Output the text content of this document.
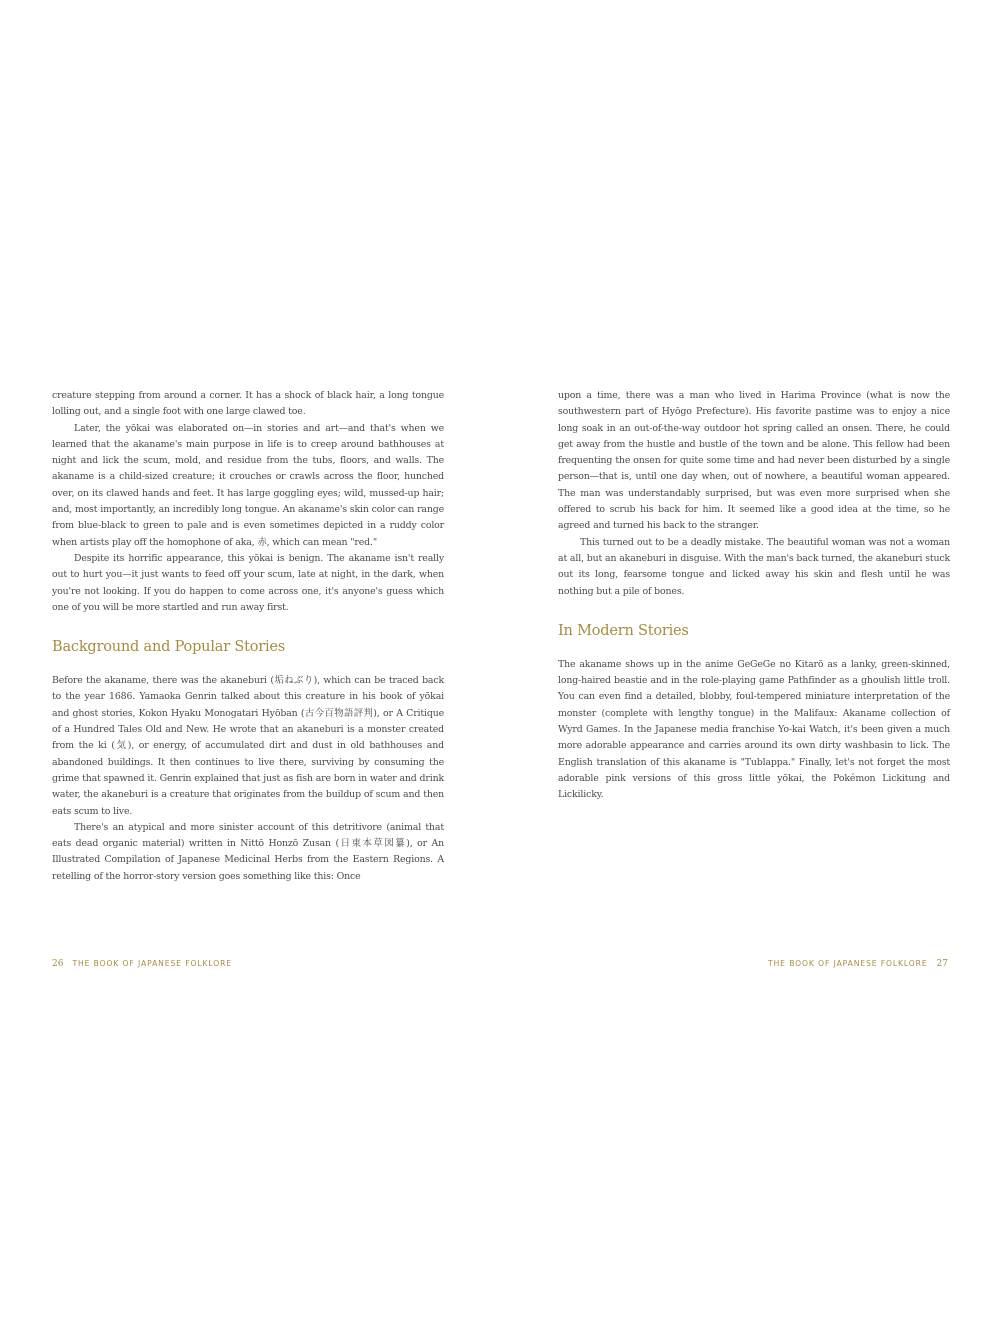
creature stepping from around a corner. It has a shock of black hair, a long tongue lolling out, and a single foot with one large clawed toe.

Later, the yōkai was elaborated on—in stories and art—and that's when we learned that the akaname's main purpose in life is to creep around bathhouses at night and lick the scum, mold, and residue from the tubs, floors, and walls. The akaname is a child-sized creature; it crouches or crawls across the floor, hunched over, on its clawed hands and feet. It has large goggling eyes; wild, mussed-up hair; and, most importantly, an incredibly long tongue. An akaname's skin color can range from blue-black to green to pale and is even sometimes depicted in a ruddy color when artists play off the homophone of aka, 赤, which can mean "red."

Despite its horrific appearance, this yōkai is benign. The akaname isn't really out to hurt you—it just wants to feed off your scum, late at night, in the dark, when you're not looking. If you do happen to come across one, it's anyone's guess which one of you will be more startled and run away first.

Background and Popular Stories

Before the akaname, there was the akaneburi (垢ねぶり), which can be traced back to the year 1686. Yamaoka Genrin talked about this creature in his book of yōkai and ghost stories, Kokon Hyaku Monogatari Hyōban (古今百物語評判), or A Critique of a Hundred Tales Old and New. He wrote that an akaneburi is a monster created from the ki (気), or energy, of accumulated dirt and dust in old bathhouses and abandoned buildings. It then continues to live there, surviving by consuming the grime that spawned it. Genrin explained that just as fish are born in water and drink water, the akaneburi is a creature that originates from the buildup of scum and then eats scum to live.

There's an atypical and more sinister account of this detritivore (animal that eats dead organic material) written in Nittō Honzō Zusan (日東本草図纂), or An Illustrated Compilation of Japanese Medicinal Herbs from the Eastern Regions. A retelling of the horror-story version goes something like this: Once

upon a time, there was a man who lived in Harima Province (what is now the southwestern part of Hyōgo Prefecture). His favorite pastime was to enjoy a nice long soak in an out-of-the-way outdoor hot spring called an onsen. There, he could get away from the hustle and bustle of the town and be alone. This fellow had been frequenting the onsen for quite some time and had never been disturbed by a single person—that is, until one day when, out of nowhere, a beautiful woman appeared. The man was understandably surprised, but was even more surprised when she offered to scrub his back for him. It seemed like a good idea at the time, so he agreed and turned his back to the stranger.

This turned out to be a deadly mistake. The beautiful woman was not a woman at all, but an akaneburi in disguise. With the man's back turned, the akaneburi stuck out its long, fearsome tongue and licked away his skin and flesh until he was nothing but a pile of bones.

In Modern Stories

The akaname shows up in the anime GeGeGe no Kitarō as a lanky, green-skinned, long-haired beastie and in the role-playing game Pathfinder as a ghoulish little troll. You can even find a detailed, blobby, foul-tempered miniature interpretation of the monster (complete with lengthy tongue) in the Malifaux: Akaname collection of Wyrd Games. In the Japanese media franchise Yo-kai Watch, it's been given a much more adorable appearance and carries around its own dirty washbasin to lick. The English translation of this akaname is "Tublappa." Finally, let's not forget the most adorable pink versions of this gross little yōkai, the Pokémon Lickitung and Lickilicky.

26 THE BOOK OF JAPANESE FOLKLORE	THE BOOK OF JAPANESE FOLKLORE 27
